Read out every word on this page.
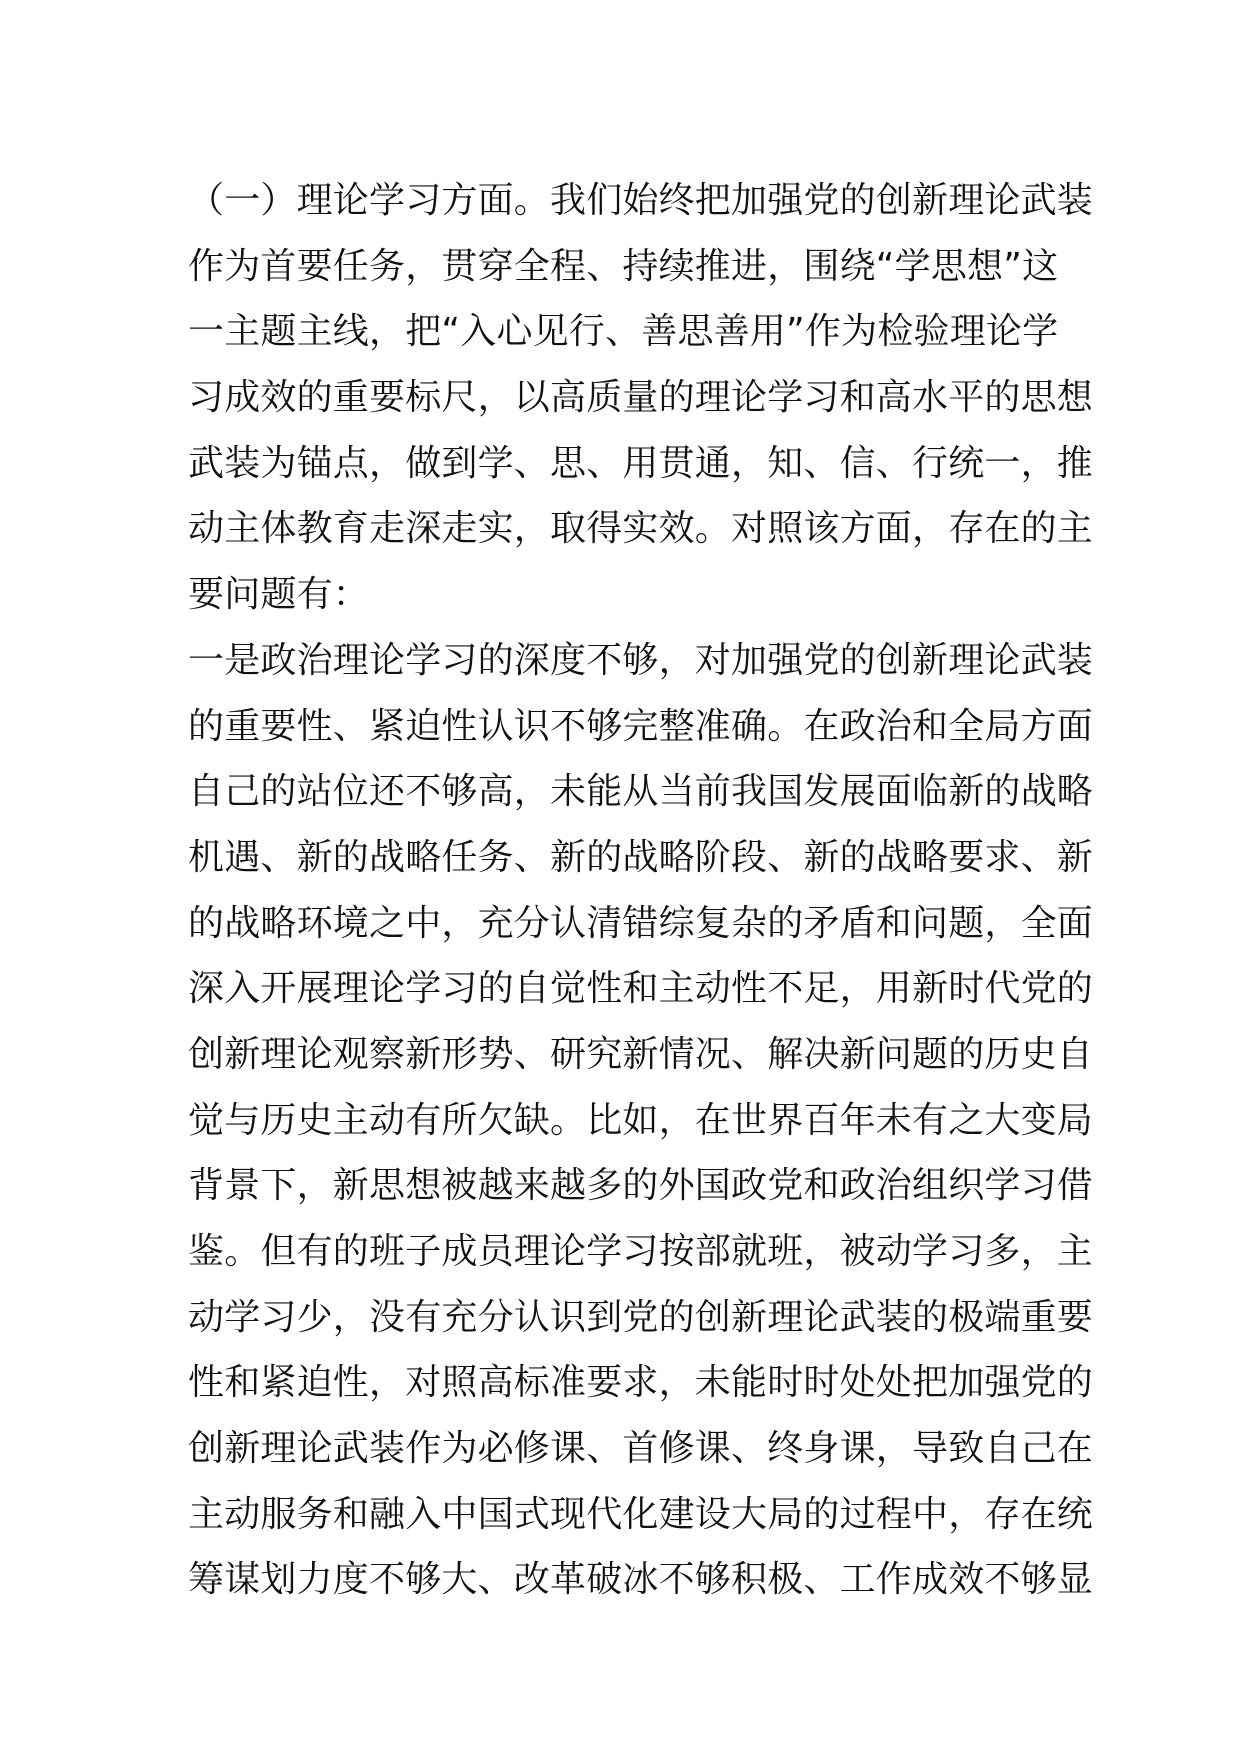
（一）理论学习方面。我们始终把加强党的创新理论武装
作为首要任务，贯穿全程、持续推进，围绕“学思想”这
一主题主线，把“入心见行、善思善用”作为检验理论学
习成效的重要标尺，以高质量的理论学习和高水平的思想
武装为锚点，做到学、思、用贯通，知、信、行统一，推
动主体教育走深走实，取得实效。对照该方面，存在的主
要问题有：
一是政治理论学习的深度不够，对加强党的创新理论武装
的重要性、紧迫性认识不够完整准确。在政治和全局方面
自己的站位还不够高，未能从当前我国发展面临新的战略
机遇、新的战略任务、新的战略阶段、新的战略要求、新
的战略环境之中，充分认清错综复杂的矛盾和问题，全面
深入开展理论学习的自觉性和主动性不足，用新时代党的
创新理论观察新形势、研究新情况、解决新问题的历史自
觉与历史主动有所欠缺。比如，在世界百年未有之大变局
背景下，新思想被越来越多的外国政党和政治组织学习借
鉴。但有的班子成员理论学习按部就班，被动学习多，主
动学习少，没有充分认识到党的创新理论武装的极端重要
性和紧迫性，对照高标准要求，未能时时处处把加强党的
创新理论武装作为必修课、首修课、终身课，导致自己在
主动服务和融入中国式现代化建设大局的过程中，存在统
筹谋划力度不够大、改革破冰不够积极、工作成效不够显
